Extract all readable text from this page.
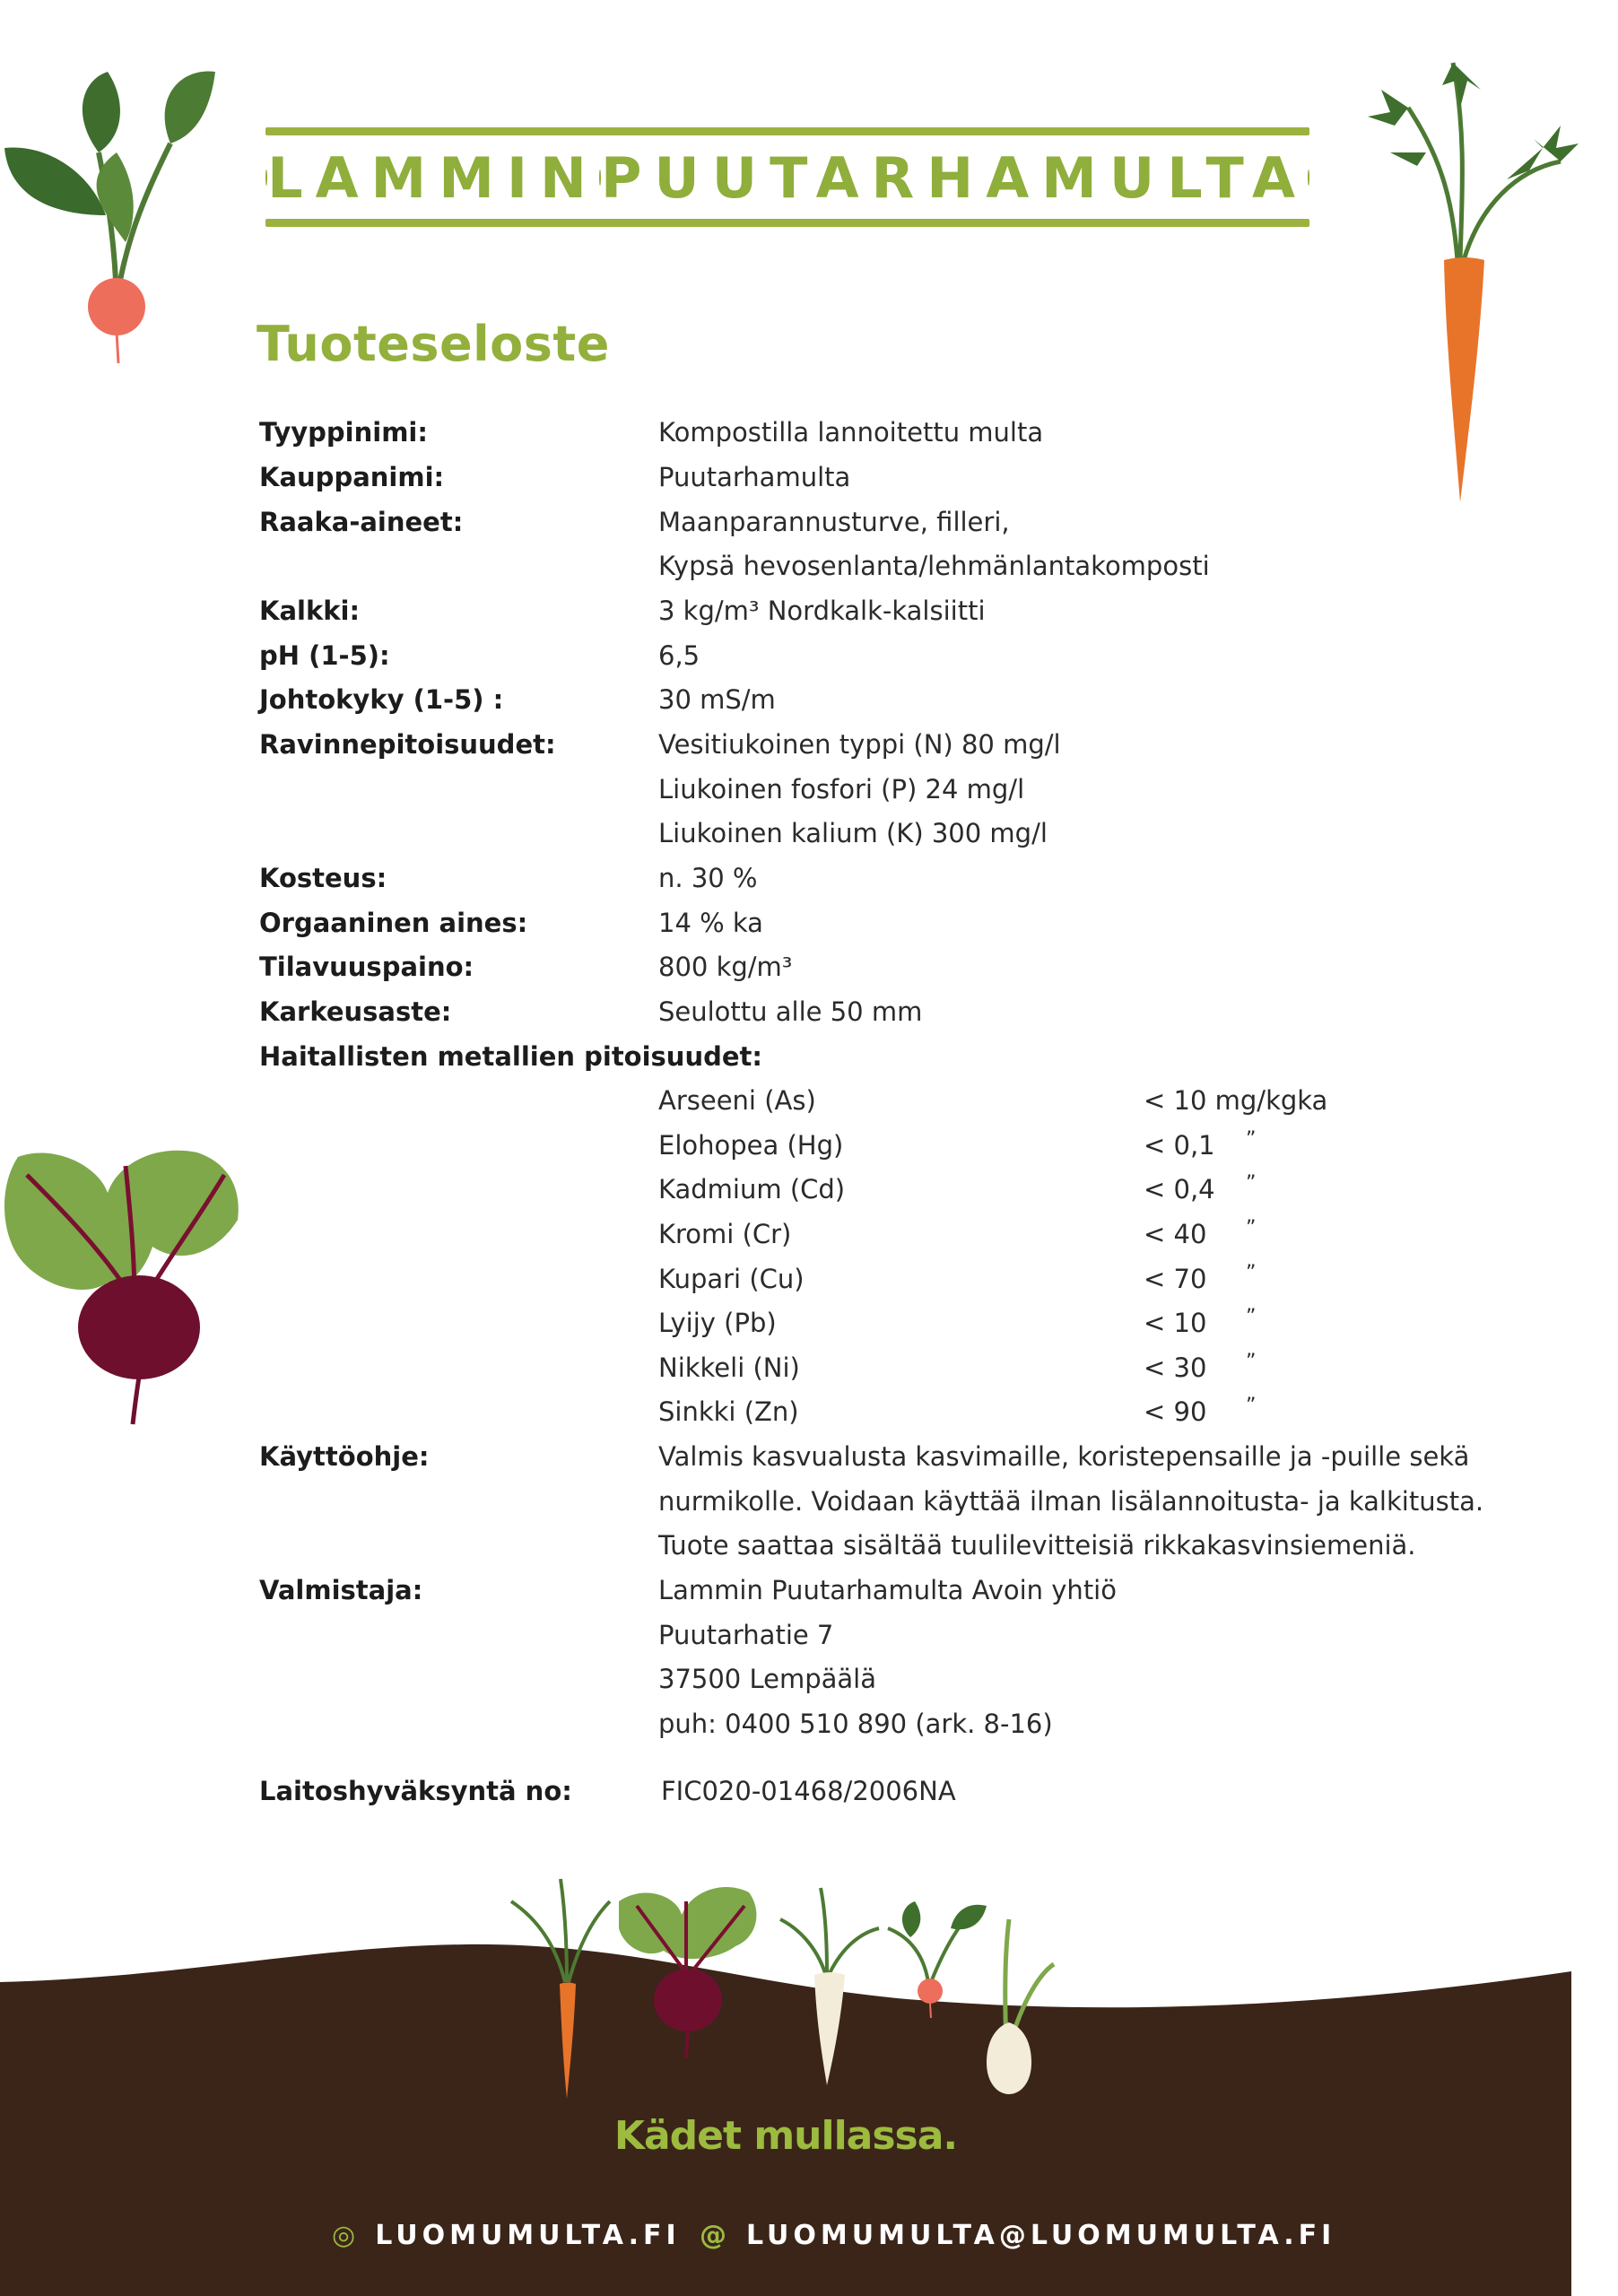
LAMMIN PUUTARHAMULTA
Tuoteseloste
Tyyppinimi:	Kompostilla lannoitettu multa
Kauppanimi:	Puutarhamulta
Raaka-aineet:	Maanparannusturve, filleri,
Kypsä hevosenlanta/lehmänlantakomposti
Kalkki:	3 kg/m³ Nordkalk-kalsiitti
pH (1-5):	6,5
Johtokyky (1-5) :	30 mS/m
Ravinnepitoisuudet:	Vesitiukoinen typpi (N) 80 mg/l
Liukoinen fosfori (P) 24 mg/l
Liukoinen kalium (K) 300 mg/l
Kosteus:	n. 30 %
Orgaaninen aines:	14 % ka
Tilavuuspaino:	800 kg/m³
Karkeusaste:	Seulottu alle 50 mm
Haitallisten metallien pitoisuudet:
Arseeni (As)	< 10 mg/kgka
Elohopea (Hg)	< 0,1 ”
Kadmium (Cd)	< 0,4 ”
Kromi (Cr)	< 40 ”
Kupari (Cu)	< 70 ”
Lyijy (Pb)	< 10 ”
Nikkeli (Ni)	< 30 ”
Sinkki (Zn)	< 90 ”
Käyttöohje:	Valmis kasvualusta kasvimaille, koristepensaille ja -puille sekä
nurmikolle. Voidaan käyttää ilman lisälannoitusta- ja kalkitusta.
Tuote saattaa sisältää tuulilevitteisiä rikkakasvinsiemeniä.
Valmistaja:	Lammin Puutarhamulta Avoin yhtiö
Puutarhatie 7
37500 Lempäälä
puh: 0400 510 890 (ark. 8-16)
Laitoshyväksyntä no:	FIC020-01468/2006NA
Kädet mullassa.
◎ LUOMUMULTA.FI @ LUOMUMULTA@LUOMUMULTA.FI
